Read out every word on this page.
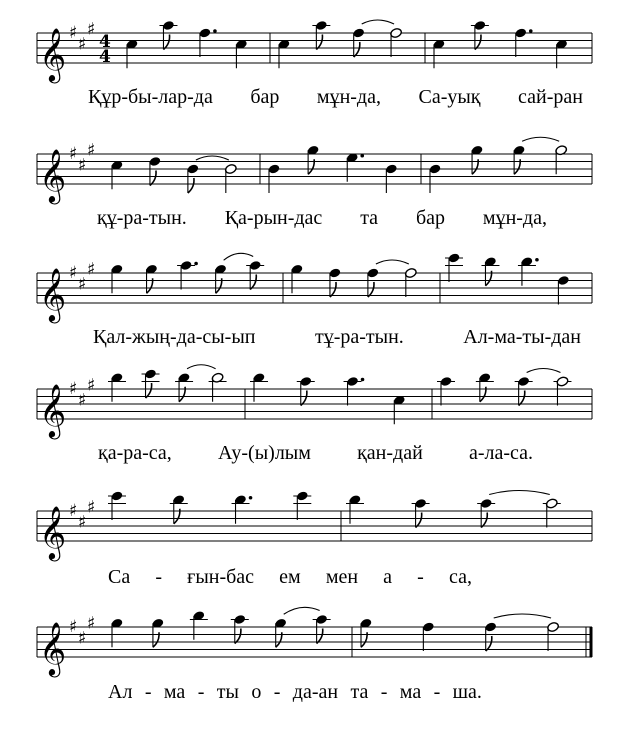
𝄞 ♯
♯
♯
4
4
𝄞 ♯
♯
♯
𝄞 ♯
♯
♯
𝄞 ♯
♯
♯
𝄞 ♯
♯
♯
𝄞 ♯
♯
♯
Құр-бы-лар-да бар мұн-да, Са-уық сай-ран
құ-ра-тын. Қа-рын-дас та бар мұн-да,
Қал-жың-да-сы-ып	тұ-ра-тын.	Ал-ма-ты-дан
қа-ра-са, Ау-(ы)лым қан-дай а-ла-са.
Са - ғын-бас ем мен а - са,
Ал - ма - ты о - да-ан та - ма - ша.
